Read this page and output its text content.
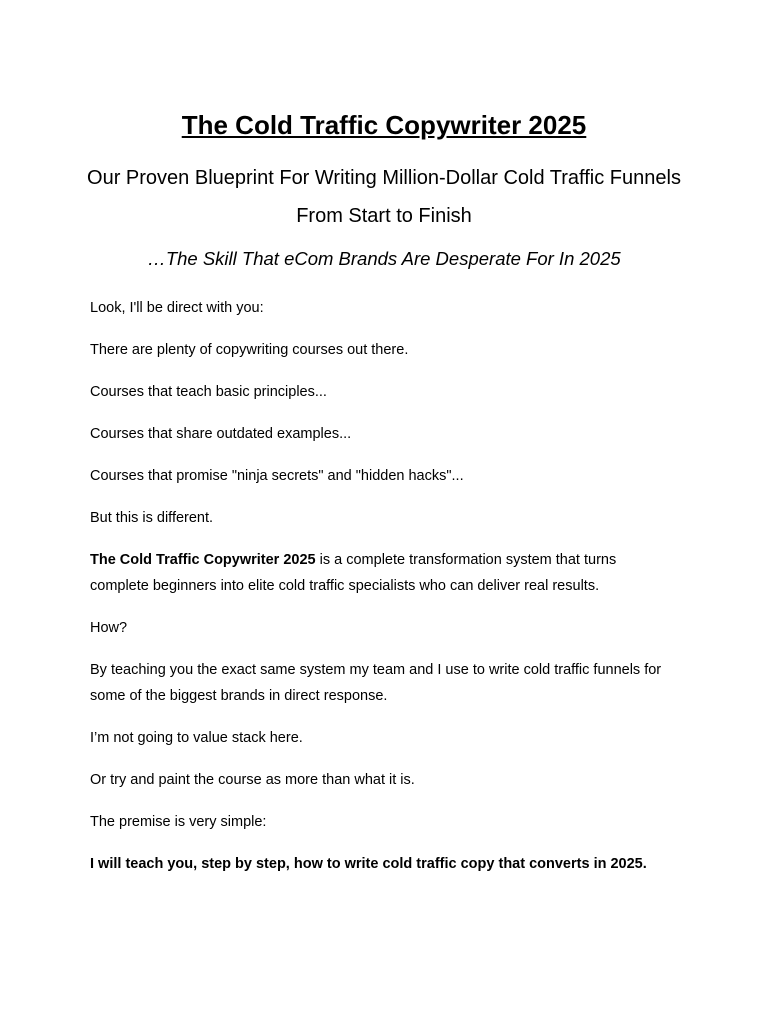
The Cold Traffic Copywriter 2025
Our Proven Blueprint For Writing Million-Dollar Cold Traffic Funnels From Start to Finish

…The Skill That eCom Brands Are Desperate For In 2025

Look, I'll be direct with you:

There are plenty of copywriting courses out there.

Courses that teach basic principles...

Courses that share outdated examples...

Courses that promise "ninja secrets" and "hidden hacks"...

But this is different.

The Cold Traffic Copywriter 2025 is a complete transformation system that turns complete beginners into elite cold traffic specialists who can deliver real results.

How?

By teaching you the exact same system my team and I use to write cold traffic funnels for some of the biggest brands in direct response.

I’m not going to value stack here.

Or try and paint the course as more than what it is.

The premise is very simple:

I will teach you, step by step, how to write cold traffic copy that converts in 2025.
